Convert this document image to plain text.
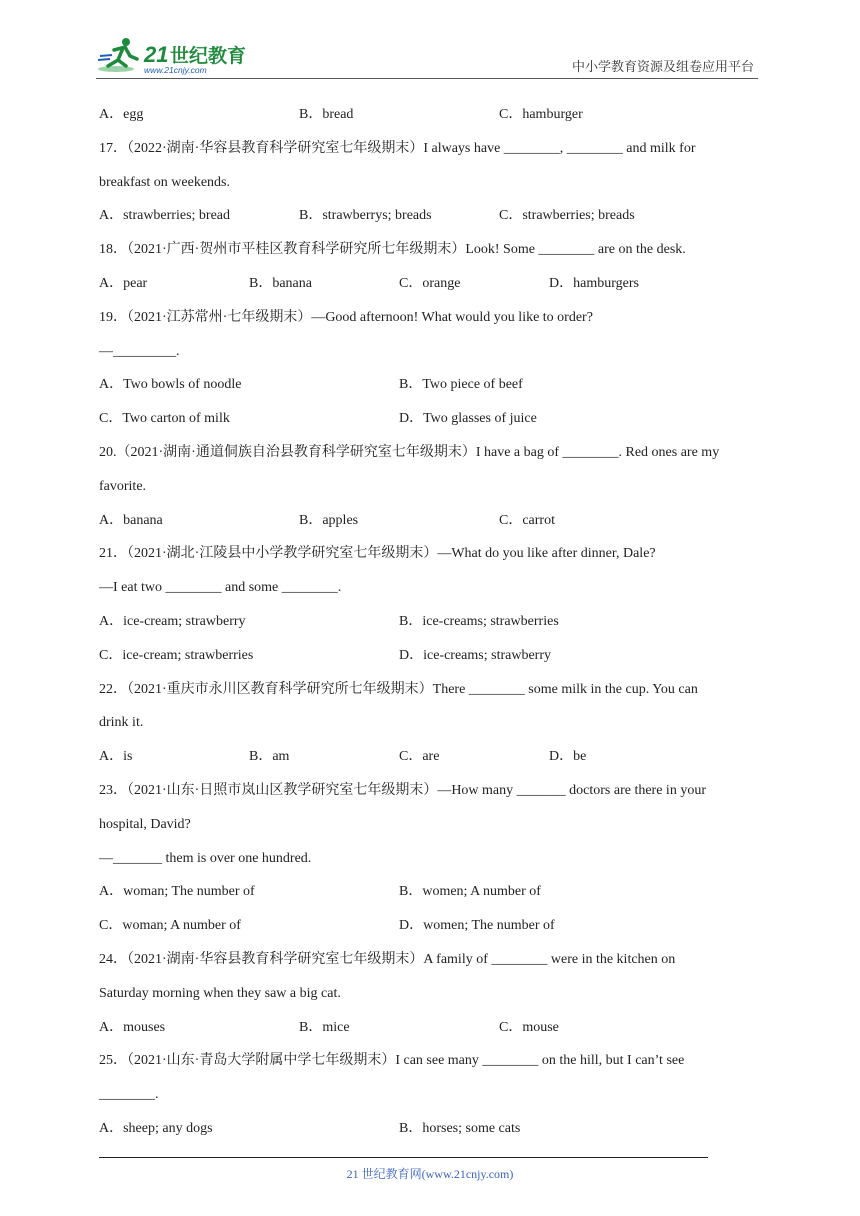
21 世纪教育
www.21cnjy.com	中小学教育资源及组卷应用平台
A．egg	B．bread	C．hamburger
17．（2022·湖南·华容县教育科学研究室七年级期末）I always have ________, ________ and milk for
breakfast on weekends.
A．strawberries; bread	B．strawberrys; breads	C．strawberries; breads
18．（2021·广西·贺州市平桂区教育科学研究所七年级期末）Look! Some ________ are on the desk.
A．pear	B．banana	C．orange	D．hamburgers
19．（2021·江苏常州·七年级期末）—Good afternoon! What would you like to order?
—_________.
A．Two bowls of noodle	B．Two piece of beef
C．Two carton of milk	D．Two glasses of juice
20.（2021·湖南·通道侗族自治县教育科学研究室七年级期末）I have a bag of ________. Red ones are my
favorite.
A．banana	B．apples	C．carrot
21．（2021·湖北·江陵县中小学教学研究室七年级期末）—What do you like after dinner, Dale?
—I eat two ________ and some ________.
A．ice-cream; strawberry	B．ice-creams; strawberries
C．ice-cream; strawberries	D．ice-creams; strawberry
22．（2021·重庆市永川区教育科学研究所七年级期末）There ________ some milk in the cup. You can
drink it.
A．is	B．am	C．are	D．be
23．（2021·山东·日照市岚山区教学研究室七年级期末）—How many _______ doctors are there in your
hospital, David?
—_______ them is over one hundred.
A．woman; The number of	B．women; A number of
C．woman; A number of	D．women; The number of
24．（2021·湖南·华容县教育科学研究室七年级期末）A family of ________ were in the kitchen on
Saturday morning when they saw a big cat.
A．mouses	B．mice	C．mouse
25．（2021·山东·青岛大学附属中学七年级期末）I can see many ________ on the hill, but I can’t see
________.
A．sheep; any dogs	B．horses; some cats
21 世纪教育网(www.21cnjy.com)
